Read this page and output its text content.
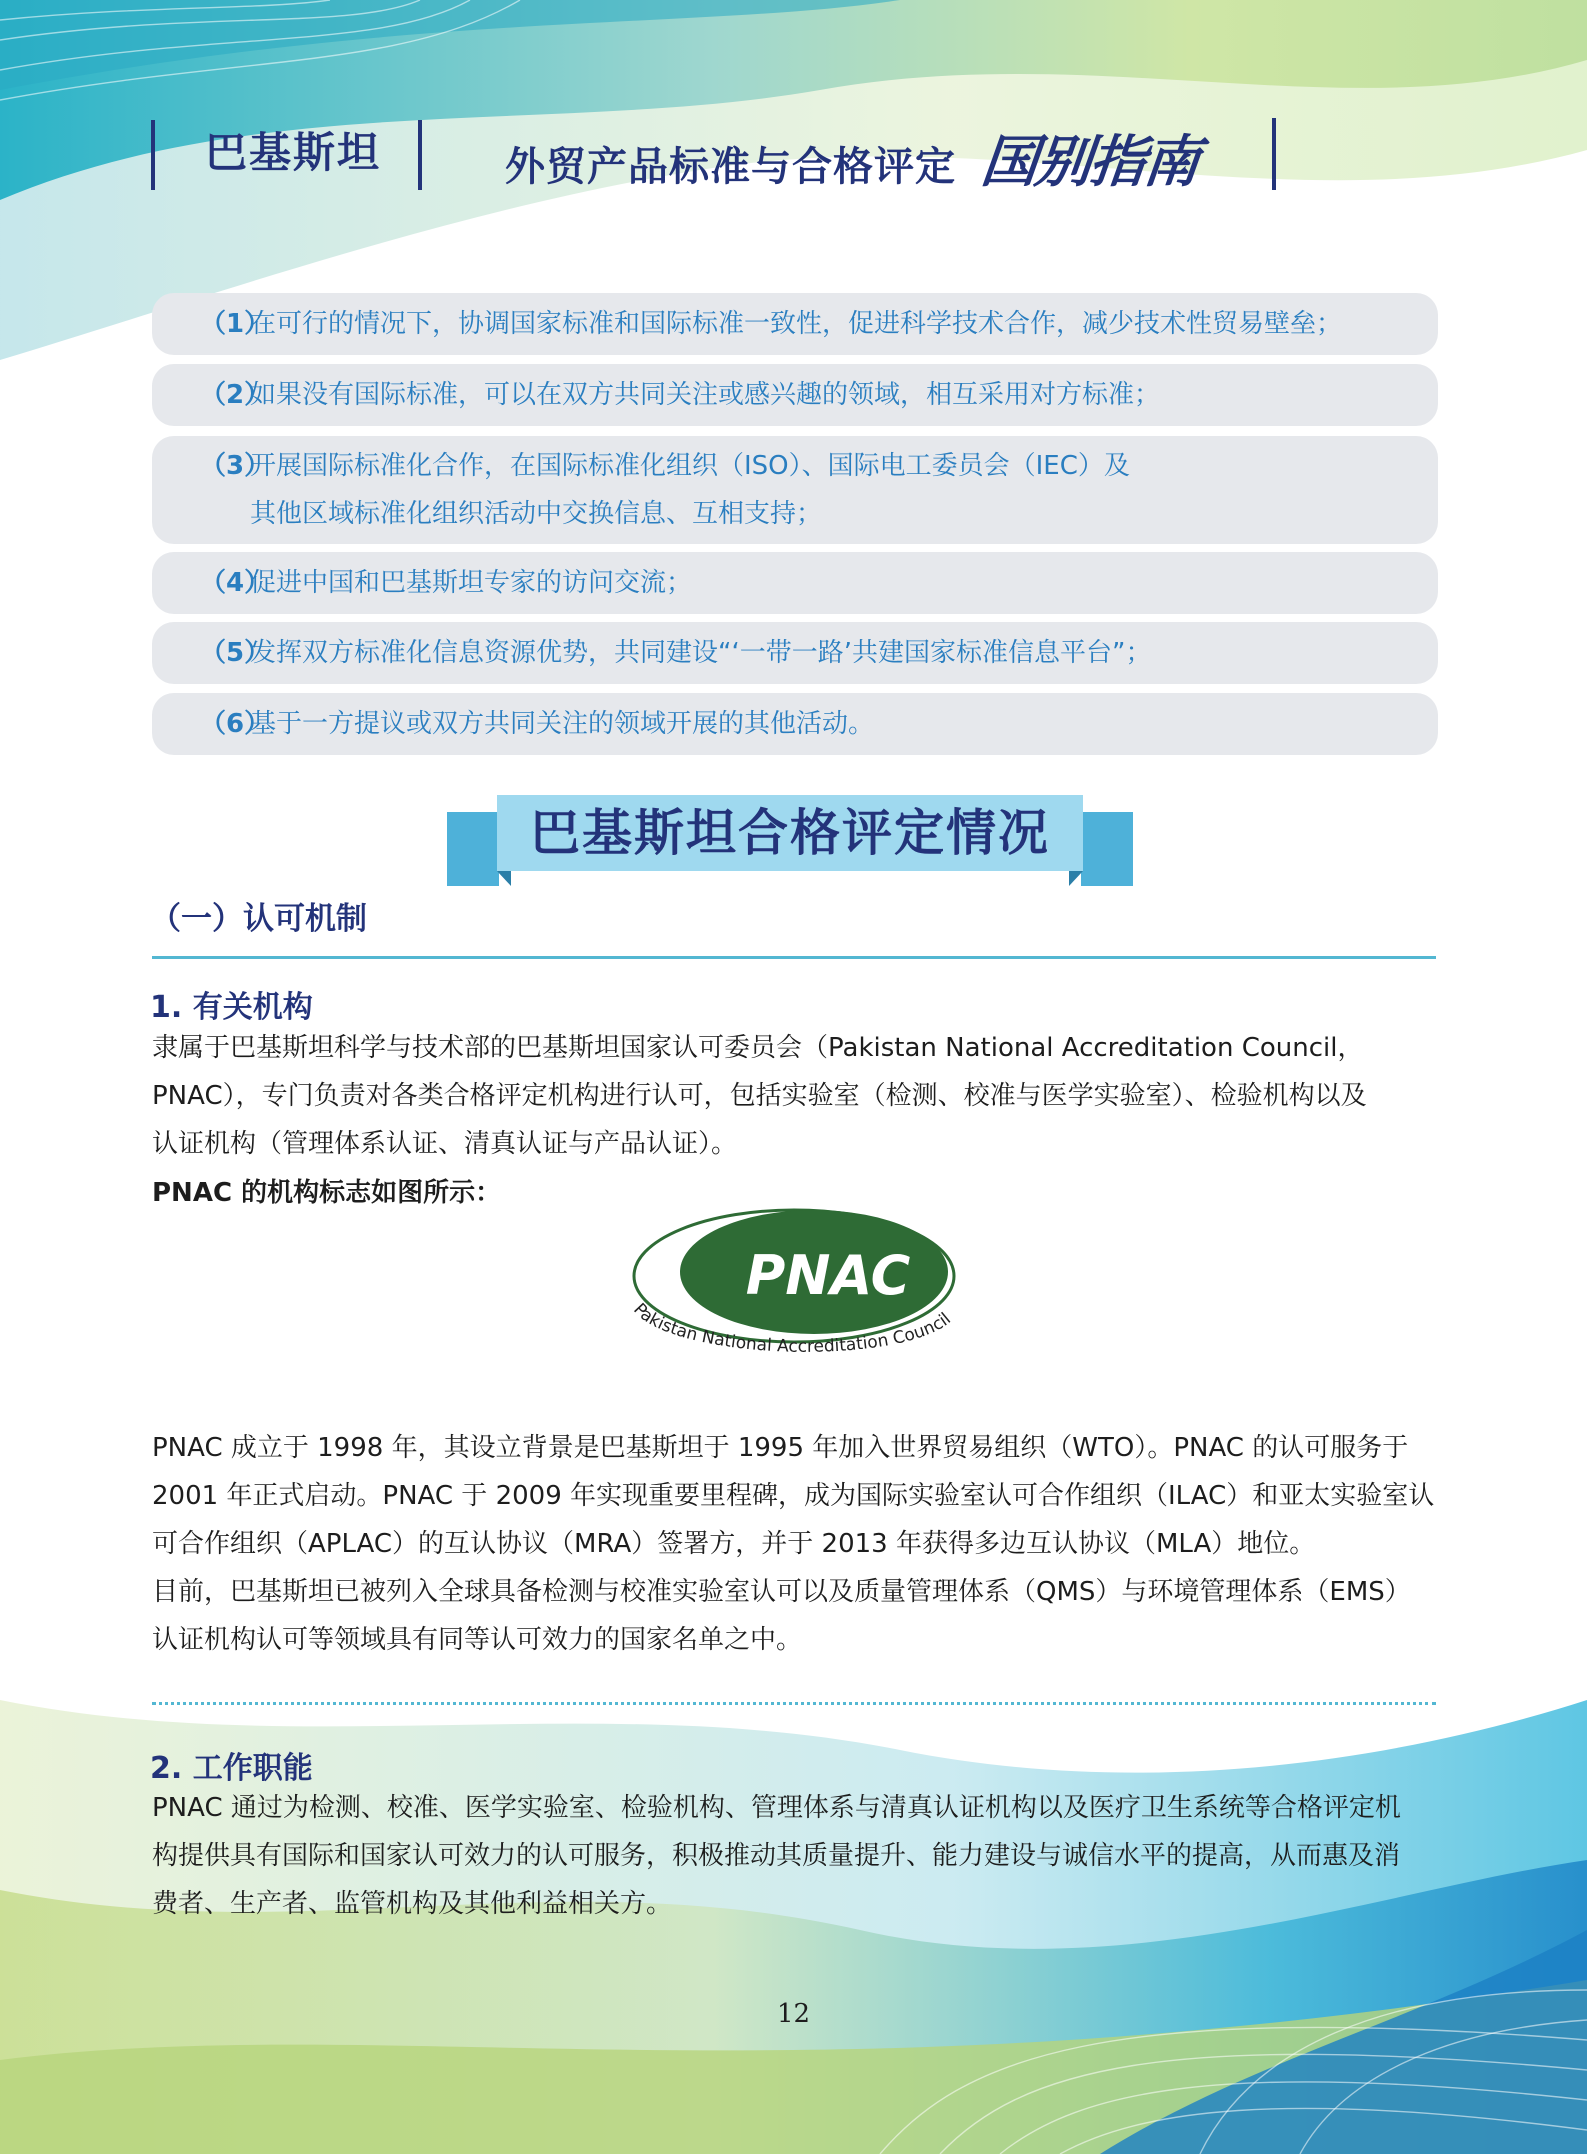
巴基斯坦	外贸产品标准与合格评定 国别指南
（1）在可行的情况下，协调国家标准和国际标准一致性，促进科学技术合作，减少技术性贸易壁垒；
（2）如果没有国际标准，可以在双方共同关注或感兴趣的领域，相互采用对方标准；
（3）开展国际标准化合作，在国际标准化组织（ISO）、国际电工委员会（IEC）及
其他区域标准化组织活动中交换信息、互相支持；
（4）促进中国和巴基斯坦专家的访问交流；
（5）发挥双方标准化信息资源优势，共同建设“‘一带一路’共建国家标准信息平台”；
（6）基于一方提议或双方共同关注的领域开展的其他活动。
巴基斯坦合格评定情况
（一）认可机制
1. 有关机构
隶属于巴基斯坦科学与技术部的巴基斯坦国家认可委员会（Pakistan National Accreditation Council，
PNAC），专门负责对各类合格评定机构进行认可，包括实验室（检测、校准与医学实验室）、检验机构以及
认证机构（管理体系认证、清真认证与产品认证）。
PNAC 的机构标志如图所示：
PNAC
Pakistan National Accreditation Council
PNAC 成立于 1998 年，其设立背景是巴基斯坦于 1995 年加入世界贸易组织（WTO）。PNAC 的认可服务于
2001 年正式启动。PNAC 于 2009 年实现重要里程碑，成为国际实验室认可合作组织（ILAC）和亚太实验室认
可合作组织（APLAC）的互认协议（MRA）签署方，并于 2013 年获得多边互认协议（MLA）地位。
目前，巴基斯坦已被列入全球具备检测与校准实验室认可以及质量管理体系（QMS）与环境管理体系（EMS）
认证机构认可等领域具有同等认可效力的国家名单之中。
2. 工作职能
PNAC 通过为检测、校准、医学实验室、检验机构、管理体系与清真认证机构以及医疗卫生系统等合格评定机
构提供具有国际和国家认可效力的认可服务，积极推动其质量提升、能力建设与诚信水平的提高，从而惠及消
费者、生产者、监管机构及其他利益相关方。
12
